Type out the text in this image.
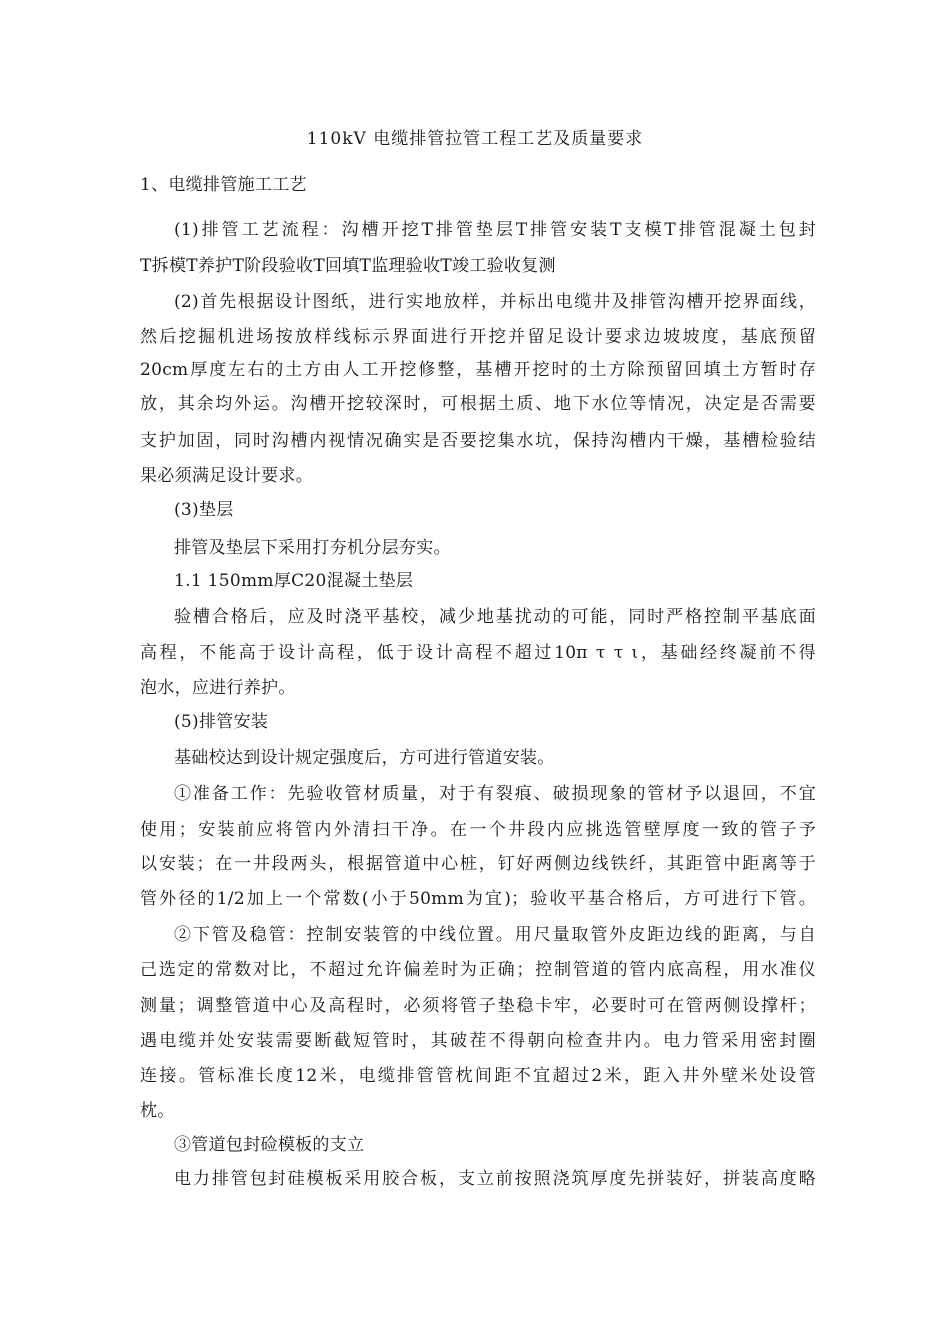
110kV 电缆排管拉管工程工艺及质量要求
1、电缆排管施工工艺
(1)排管工艺流程：沟槽开挖T排管垫层T排管安装T支模T排管混凝土包封
T拆模T养护T阶段验收T回填T监理验收T竣工验收复测
(2)首先根据设计图纸，进行实地放样，并标出电缆井及排管沟槽开挖界面线，
然后挖掘机进场按放样线标示界面进行开挖并留足设计要求边坡坡度，基底预留
20cm厚度左右的土方由人工开挖修整，基槽开挖时的土方除预留回填土方暂时存
放，其余均外运。沟槽开挖较深时，可根据土质、地下水位等情况，决定是否需要
支护加固，同时沟槽内视情况确实是否要挖集水坑，保持沟槽内干燥，基槽检验结
果必须满足设计要求。
(3)垫层
排管及垫层下采用打夯机分层夯实。
1.1 150mm厚C20混凝土垫层
验槽合格后，应及时浇平基校，减少地基扰动的可能，同时严格控制平基底面
高程，不能高于设计高程，低于设计高程不超过10π τ τ ι，基础经终凝前不得
泡水，应进行养护。
(5)排管安装
基础校达到设计规定强度后，方可进行管道安装。
①准备工作：先验收管材质量，对于有裂痕、破损现象的管材予以退回，不宜
使用；安装前应将管内外清扫干净。在一个井段内应挑选管壁厚度一致的管子予
以安装；在一井段两头，根据管道中心桩，钉好两侧边线铁纤，其距管中距离等于
管外径的1/2加上一个常数(小于50mm为宜)；验收平基合格后，方可进行下管。
②下管及稳管：控制安装管的中线位置。用尺量取管外皮距边线的距离，与自
己选定的常数对比，不超过允许偏差时为正确；控制管道的管内底高程，用水准仪
测量；调整管道中心及高程时，必须将管子垫稳卡牢，必要时可在管两侧设撑杆；
遇电缆并处安装需要断截短管时，其破茬不得朝向检查井内。电力管采用密封圈
连接。管标准长度12米，电缆排管管枕间距不宜超过2米，距入井外壁米处设管
枕。
③管道包封硷模板的支立
电力排管包封硅模板采用胶合板，支立前按照浇筑厚度先拼装好，拼装高度略
